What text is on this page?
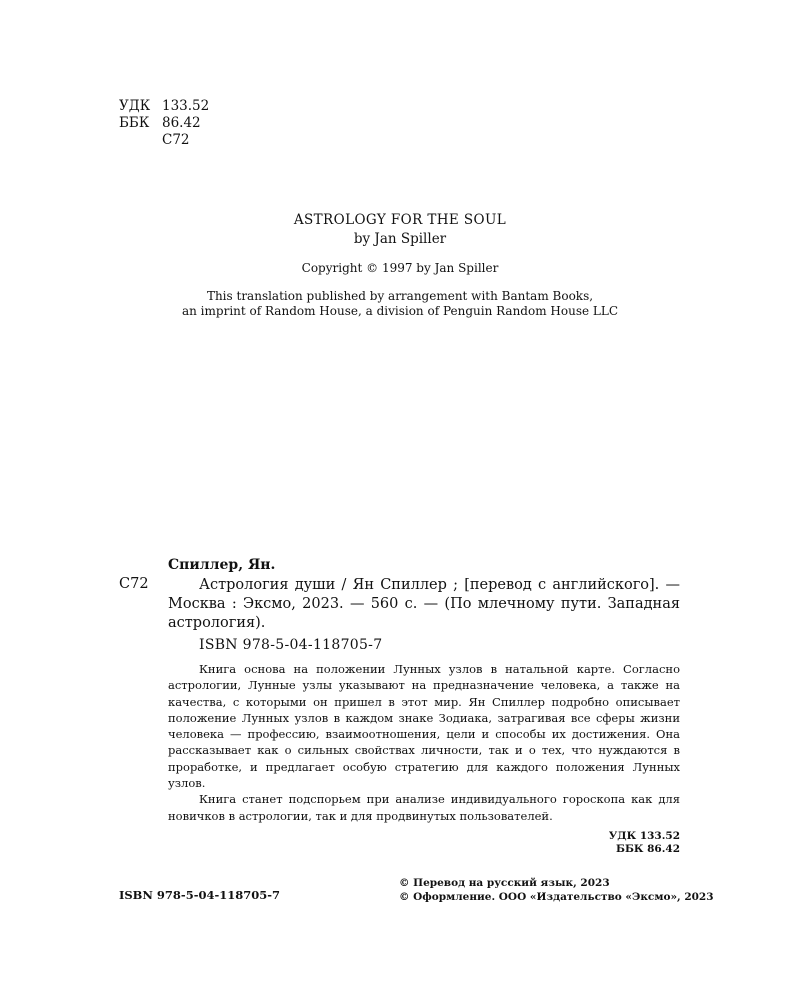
УДК 133.52
ББК 86.42
С72
ASTROLOGY FOR THE SOUL
by Jan Spiller
Copyright © 1997 by Jan Spiller
This translation published by arrangement with Bantam Books,
an imprint of Random House, a division of Penguin Random House LLC
Спиллер, Ян.
С72	Астрология души / Ян Спиллер ; [перевод с английского]. — Москва : Эксмо, 2023. — 560 с. — (По млечному пути. Западная астрология).
ISBN 978-5-04-118705-7

Книга основа на положении Лунных узлов в натальной карте. Согласно астрологии, Лунные узлы указывают на предназначение человека, а также на качества, с которыми он пришел в этот мир. Ян Спиллер подробно описывает положение Лунных узлов в каждом знаке Зодиака, затрагивая все сферы жизни человека — профессию, взаимоотношения, цели и способы их достижения. Она рассказывает как о сильных свойствах личности, так и о тех, что нуждаются в проработке, и предлагает особую стратегию для каждого положения Лунных узлов.

Книга станет подспорьем при анализе индивидуального гороскопа как для новичков в астрологии, так и для продвинутых пользователей.

УДК 133.52
ББК 86.42
ISBN 978-5-04-118705-7
© Перевод на русский язык, 2023
© Оформление. ООО «Издательство «Эксмо», 2023
